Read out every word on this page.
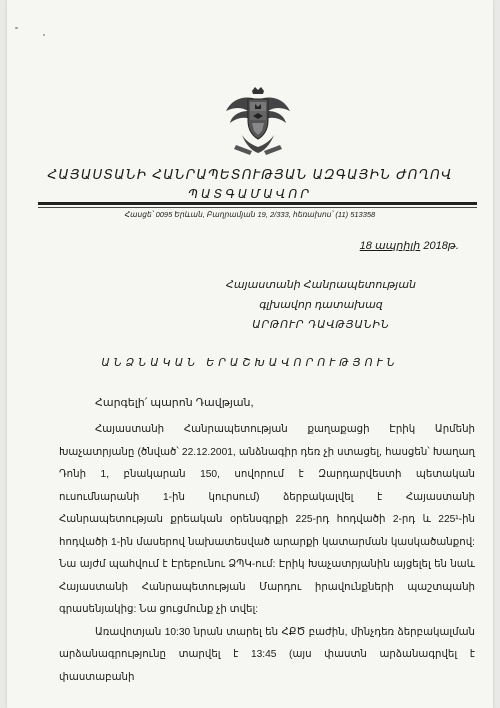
ՀԱՅԱՍՏԱՆԻ ՀԱՆՐԱՊԵՏՈՒԹՅԱՆ ԱԶԳԱՅԻՆ ԺՈՂՈՎ
ՊԱՏԳԱՄԱՎՈՐ
Հասցե՝ 0095 Երևան, Բաղրամյան 19, 2/333, հեռախոս՝ (11) 513358
18 ապրիլի 2018թ.
Հայաստանի Հանրապետության
գլխավոր դատախազ
ԱՐԹՈՒՐ ԴԱՎԹՅԱՆԻՆ
ԱՆՁՆԱԿԱՆ ԵՐԱՇԽԱՎՈՐՈՒԹՅՈՒՆ
Հարգելի՛ պարոն Դավթյան,

Հայաստանի Հանրապետության քաղաքացի Էրիկ Արմենի Խաչատրյանը (ծնված՝ 22.12.2001, անձնագիր դեռ չի ստացել, հասցեն՝ Խաղաղ Դոնի 1, բնակարան 150, սովորում է Զարդարվեստի պետական ուսումնարանի 1-ին կուրսում) ձերբակալվել է Հայաստանի Հանրապետության քրեական օրենսգրքի 225-րդ հոդվածի 2-րդ և 225¹-ին հոդվածի 1-ին մասերով նախատեսված արարքի կատարման կասկածանքով: Նա այժմ պահվում է Էրեբունու ՁՊԿ-ում: Էրիկ Խաչատրյանին այցելել են նաև Հայաստանի Հանրապետության Մարդու իրավունքների պաշտպանի գրասենյակից: Նա ցուցմունք չի տվել:

Առավոտյան 10:30 նրան տարել են ՀՔԾ բաժին, մինչդեռ ձերբակալման արձանագրությունը տարվել է 13:45 (այս փաստն արձանագրվել է փաստաբանի
